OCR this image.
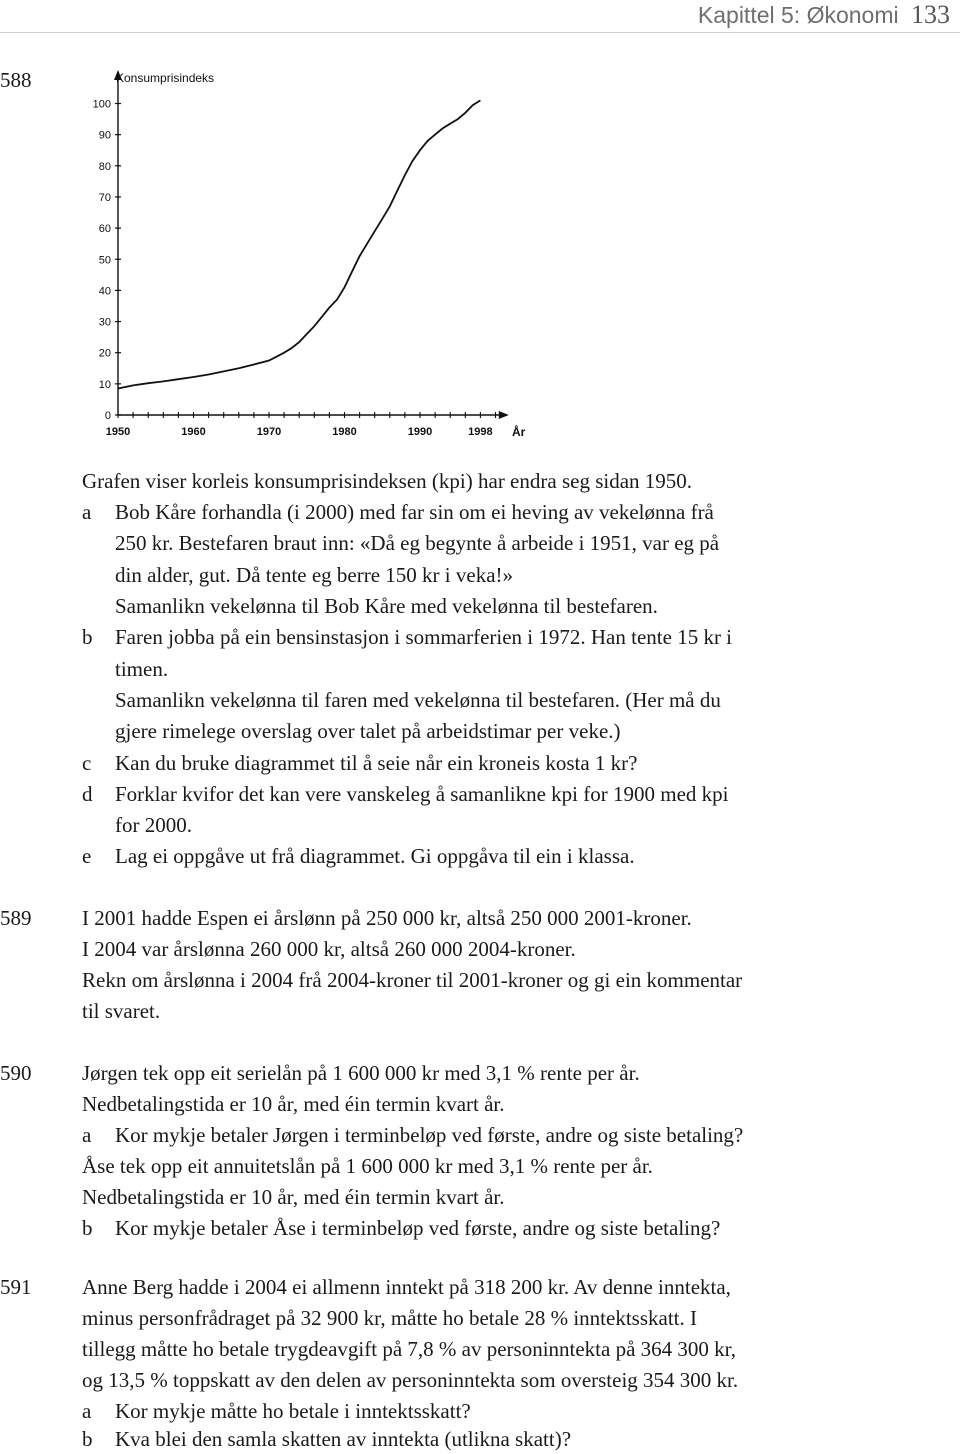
Kapittel 5: Økonomi 133
588
0
10
20
30
40
50
60
70
80
90
100
1950	1960	1970	1980	1990	1998
Konsumprisindeks
År
Grafen viser korleis konsumprisindeksen (kpi) har endra seg sidan 1950.
a Bob Kåre forhandla (i 2000) med far sin om ei heving av vekelønna frå
250 kr. Bestefaren braut inn: «Då eg begynte å arbeide i 1951, var eg på
din alder, gut. Då tente eg berre 150 kr i veka!»
Samanlikn vekelønna til Bob Kåre med vekelønna til bestefaren.
b Faren jobba på ein bensinstasjon i sommarferien i 1972. Han tente 15 kr i
timen.
Samanlikn vekelønna til faren med vekelønna til bestefaren. (Her må du
gjere rimelege overslag over talet på arbeidstimar per veke.)
c Kan du bruke diagrammet til å seie når ein kroneis kosta 1 kr?
d Forklar kvifor det kan vere vanskeleg å samanlikne kpi for 1900 med kpi
for 2000.
e Lag ei oppgåve ut frå diagrammet. Gi oppgåva til ein i klassa.
589 I 2001 hadde Espen ei årslønn på 250 000 kr, altså 250 000 2001-kroner.
I 2004 var årslønna 260 000 kr, altså 260 000 2004-kroner.
Rekn om årslønna i 2004 frå 2004-kroner til 2001-kroner og gi ein kommentar
til svaret.
590 Jørgen tek opp eit serielån på 1 600 000 kr med 3,1 % rente per år.
Nedbetalingstida er 10 år, med éin termin kvart år.
a Kor mykje betaler Jørgen i terminbeløp ved første, andre og siste betaling?
Åse tek opp eit annuitetslån på 1 600 000 kr med 3,1 % rente per år.
Nedbetalingstida er 10 år, med éin termin kvart år.
b Kor mykje betaler Åse i terminbeløp ved første, andre og siste betaling?
591 Anne Berg hadde i 2004 ei allmenn inntekt på 318 200 kr. Av denne inntekta,
minus personfrådraget på 32 900 kr, måtte ho betale 28 % inntektsskatt. I
tillegg måtte ho betale trygdeavgift på 7,8 % av personinntekta på 364 300 kr,
og 13,5 % toppskatt av den delen av personinntekta som oversteig 354 300 kr.
a Kor mykje måtte ho betale i inntektsskatt?
b Kva blei den samla skatten av inntekta (utlikna skatt)?
